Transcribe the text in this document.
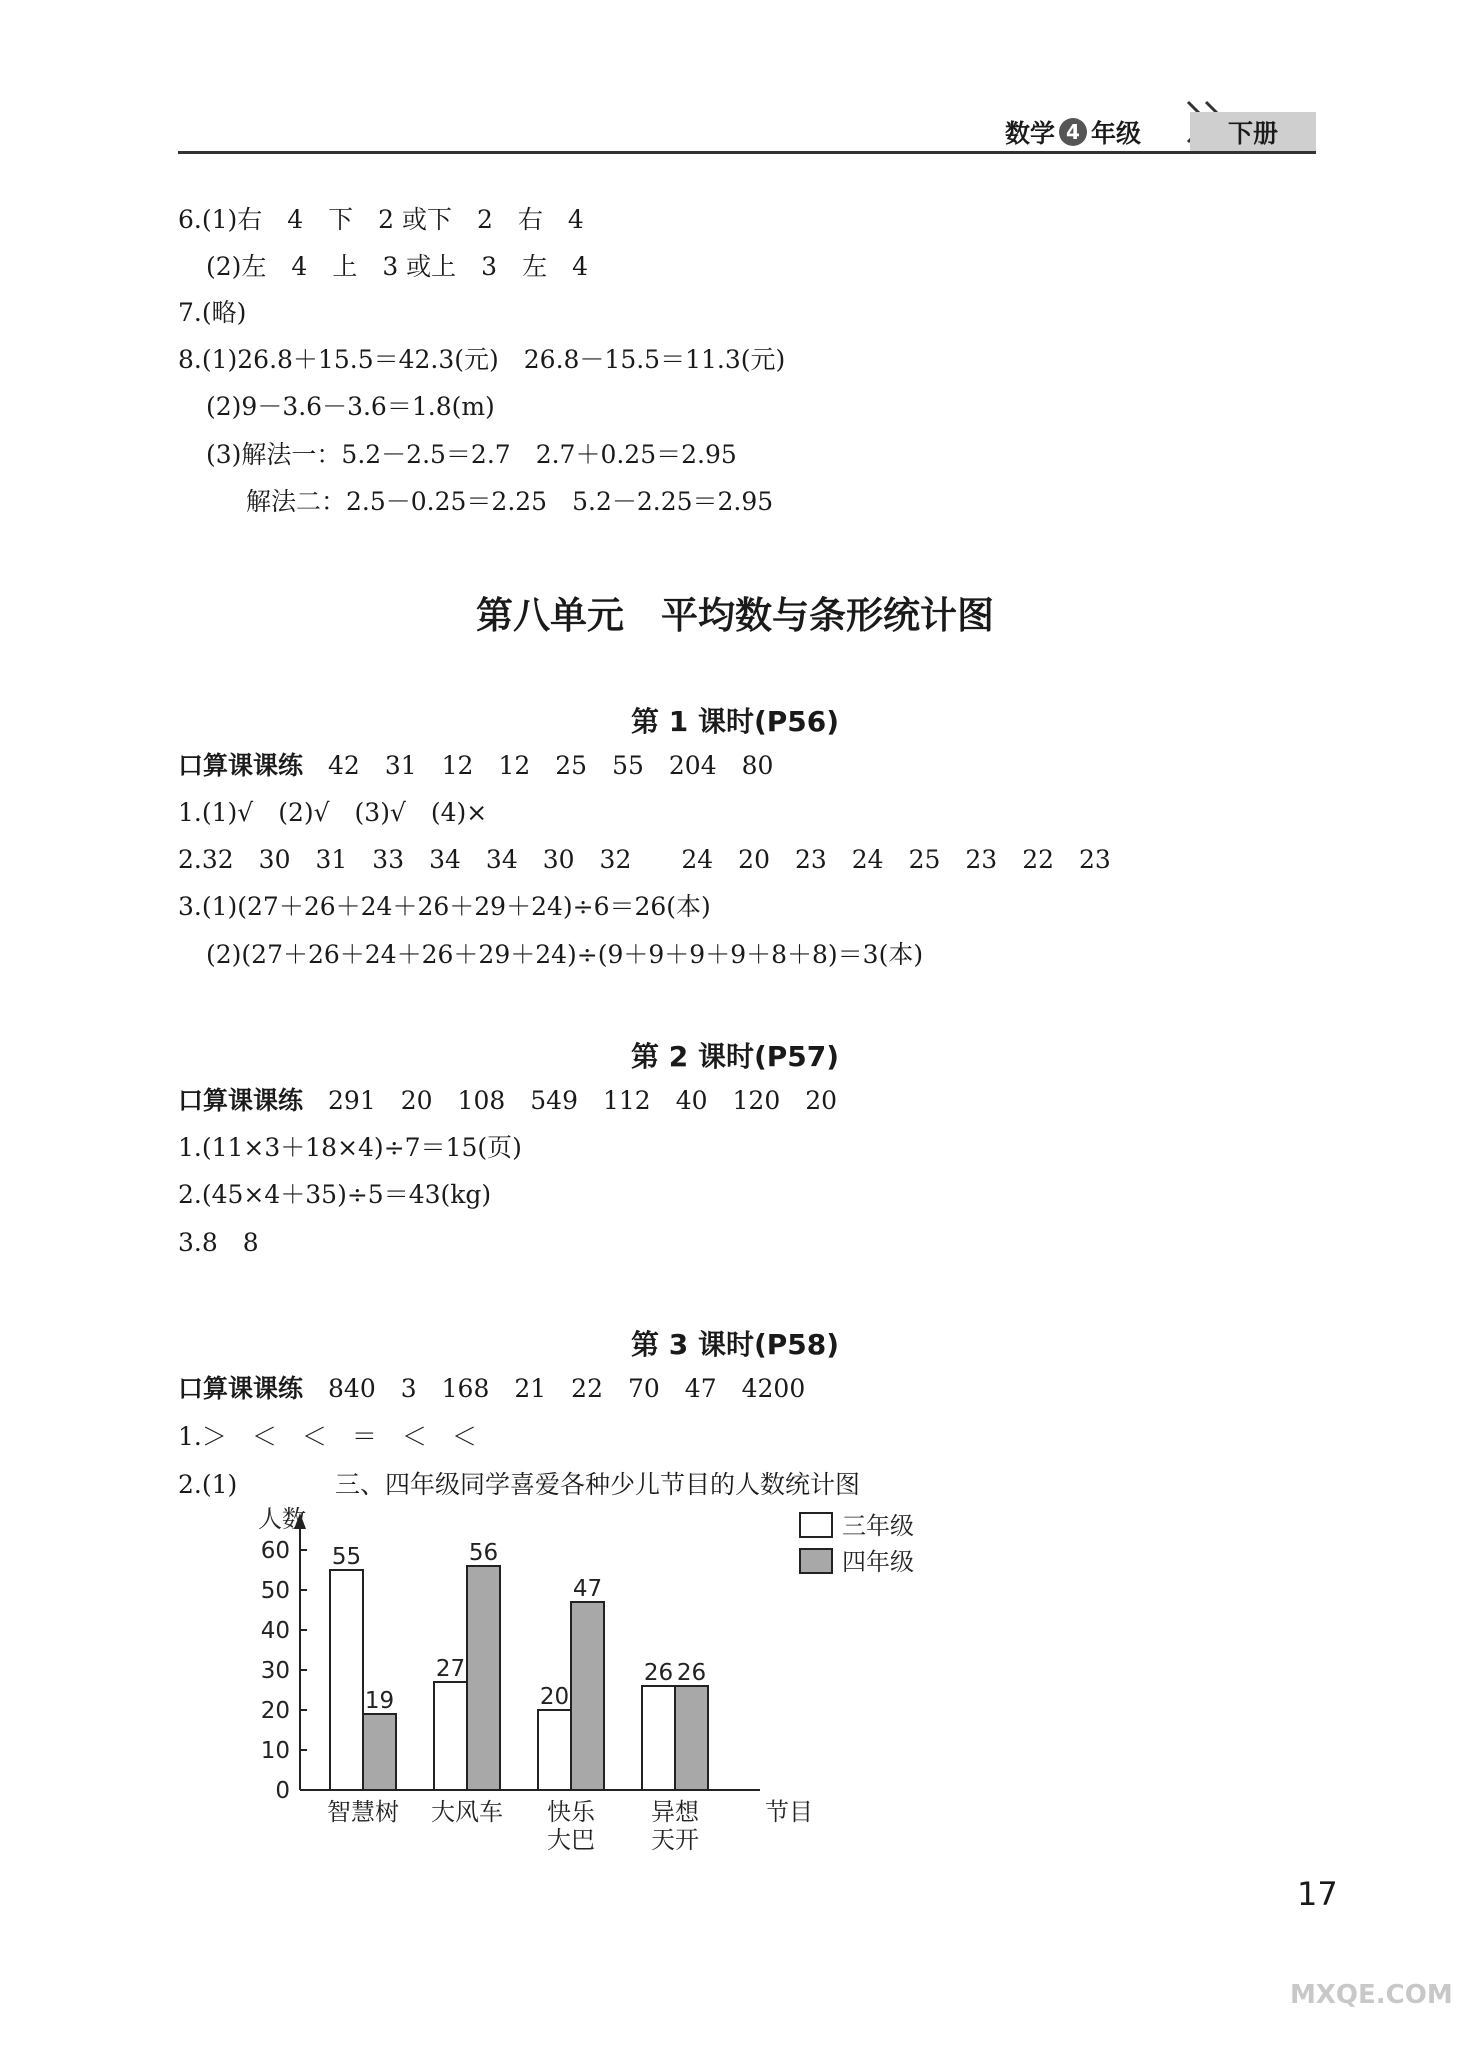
数学 4 年级	下册
6.(1)右　4　下　2 或下　2　右　4
(2)左　4　上　3 或上　3　左　4
7.(略)
8.(1)26.8＋15.5＝42.3(元)　26.8－15.5＝11.3(元)
(2)9－3.6－3.6＝1.8(m)
(3)解法一：5.2－2.5＝2.7　2.7＋0.25＝2.95
解法二：2.5－0.25＝2.25　5.2－2.25＝2.95
第八单元　平均数与条形统计图
第 1 课时(P56)
口算课课练　 42　31　12　12　25　55　204　80
1.(1)√　(2)√　(3)√　(4)×
2.32　30　31　33　34　34　30　32　　24　20　23　24　25　23　22　23
3.(1)(27＋26＋24＋26＋29＋24)÷6＝26(本)
(2)(27＋26＋24＋26＋29＋24)÷(9＋9＋9＋9＋8＋8)＝3(本)
第 2 课时(P57)
口算课课练　 291　20　108　549　112　40　120　20
1.(11×3＋18×4)÷7＝15(页)
2.(45×4＋35)÷5＝43(kg)
3.8　8
第 3 课时(P58)
口算课课练　 840　3　168　21　22　70　47　4200
1.＞　＜　＜　＝　＜　＜
2.(1)	三、四年级同学喜爱各种少儿节目的人数统计图
人数
0
10
20
30
40
50
60 55
19
智慧树
27
56
大风车
20
47
快乐
大巴
26 26
异想
天开
节目
三年级
四年级
17
MXQE.COM
